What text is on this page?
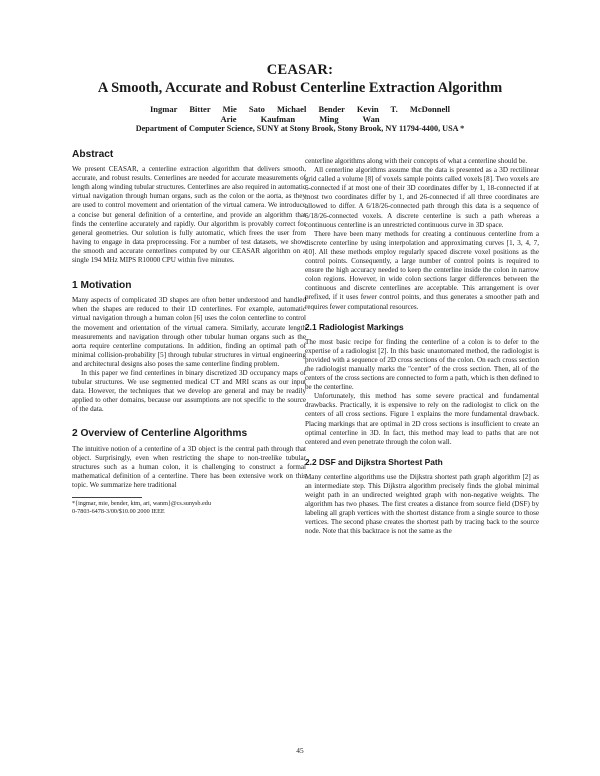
CEASAR:
A Smooth, Accurate and Robust Centerline Extraction Algorithm
Ingmar Bitter Mie Sato Michael Bender Kevin T. McDonnell
Arie Kaufman	Ming Wan
Department of Computer Science, SUNY at Stony Brook, Stony Brook, NY 11794-4400, USA *
Abstract

We present CEASAR, a centerline extraction algorithm that delivers smooth, accurate, and robust results. Centerlines are needed for accurate measurements of length along winding tubular structures. Centerlines are also required in automatic virtual navigation through human organs, such as the colon or the aorta, as they are used to control movement and orientation of the virtual camera. We introduce a concise but general definition of a centerline, and provide an algorithm that finds the centerline accurately and rapidly. Our algorithm is provably correct for general geometries. Our solution is fully automatic, which frees the user from having to engage in data preprocessing. For a number of test datasets, we show the smooth and accurate centerlines computed by our CEASAR algorithm on a single 194 MHz MIPS R10000 CPU within five minutes.

1 Motivation

Many aspects of complicated 3D shapes are often better understood and handled when the shapes are reduced to their 1D centerlines. For example, automatic virtual navigation through a human colon [6] uses the colon centerline to control the movement and orientation of the virtual camera. Similarly, accurate length measurements and navigation through other tubular human organs such as the aorta require centerline computations. In addition, finding an optimal path of minimal collision-probability [5] through tubular structures in virtual engineering and architectural designs also poses the same centerline finding problem.

In this paper we find centerlines in binary discretized 3D occupancy maps of tubular structures. We use segmented medical CT and MRI scans as our input data. However, the techniques that we develop are general and may be readily applied to other domains, because our assumptions are not specific to the source of the data.

2 Overview of Centerline Algorithms

The intuitive notion of a centerline of a 3D object is the central path through that object. Surprisingly, even when restricting the shape to non-treelike tubular structures such as a human colon, it is challenging to construct a formal mathematical definition of a centerline. There has been extensive work on this topic. We summarize here traditional

*{ingmar, mie, bender, ktm, ari, wanm}@cs.sunysb.edu
0-7803-6478-3/00/$10.00 2000 IEEE

centerline algorithms along with their concepts of what a centerline should be.

All centerline algorithms assume that the data is presented as a 3D rectilinear grid called a volume [8] of voxels sample points called voxels [8]. Two voxels are 6-connected if at most one of their 3D coordinates differ by 1, 18-connected if at most two coordinates differ by 1, and 26-connected if all three coordinates are allowed to differ. A 6/18/26-connected path through this data is a sequence of 6/18/26-connected voxels. A discrete centerline is such a path whereas a continuous centerline is an unrestricted continuous curve in 3D space.

There have been many methods for creating a continuous centerline from a discrete centerline by using interpolation and approximating curves [1, 3, 4, 7, 10]. All these methods employ regularly spaced discrete voxel positions as the control points. Consequently, a large number of control points is required to ensure the high accuracy needed to keep the centerline inside the colon in narrow colon regions. However, in wide colon sections larger differences between the continuous and discrete centerlines are acceptable. This arrangement is over prefixed, if it uses fewer control points, and thus generates a smoother path and requires fewer computational resources.

2.1 Radiologist Markings

The most basic recipe for finding the centerline of a colon is to defer to the expertise of a radiologist [2]. In this basic unautomated method, the radiologist is provided with a sequence of 2D cross sections of the colon. On each cross section the radiologist manually marks the "center" of the cross section. Then, all of the centers of the cross sections are connected to form a path, which is then defined to be the centerline.

Unfortunately, this method has some severe practical and fundamental drawbacks. Practically, it is expensive to rely on the radiologist to click on the centers of all cross sections. Figure 1 explains the more fundamental drawback. Placing markings that are optimal in 2D cross sections is insufficient to create an optimal centerline in 3D. In fact, this method may lead to paths that are not centered and even penetrate through the colon wall.

2.2 DSF and Dijkstra Shortest Path

Many centerline algorithms use the Dijkstra shortest path graph algorithm [2] as an intermediate step. This Dijkstra algorithm precisely finds the global minimal weight path in an undirected weighted graph with non-negative weights. The algorithm has two phases. The first creates a distance from source field (DSF) by labeling all graph vertices with the shortest distance from a single source to those vertices. The second phase creates the shortest path by tracing back to the source node. Note that this backtrace is not the same as the

45
